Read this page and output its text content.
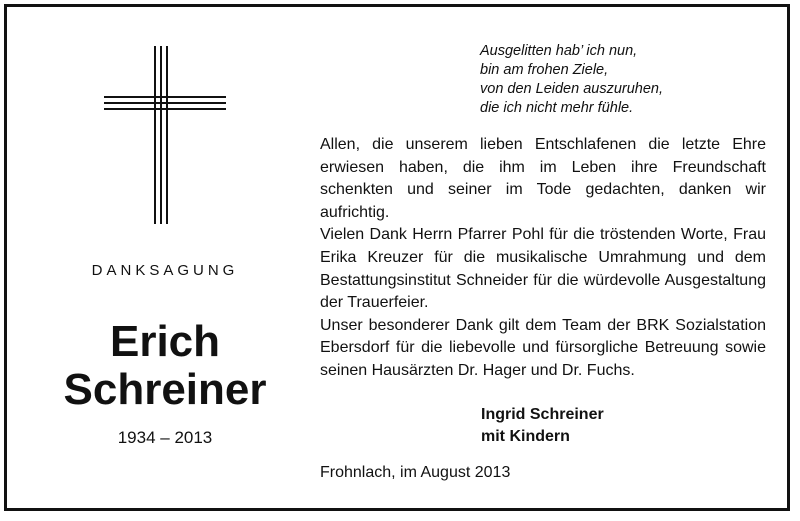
DANKSAGUNG
Erich
Schreiner
1934 – 2013
Ausgelitten hab’ ich nun,
bin am frohen Ziele,
von den Leiden auszuruhen,
die ich nicht mehr fühle.

Allen, die unserem lieben Entschlafenen die letzte Ehre erwiesen haben, die ihm im Leben ihre Freundschaft schenkten und seiner im Tode gedachten, danken wir aufrichtig.

Vielen Dank Herrn Pfarrer Pohl für die tröstenden Worte, Frau Erika Kreuzer für die musikalische Umrahmung und dem Bestattungsinstitut Schneider für die würdevolle Ausgestaltung der Trauerfeier.

Unser besonderer Dank gilt dem Team der BRK Sozialstation Ebersdorf für die liebevolle und fürsorgliche Betreuung sowie seinen Hausärzten Dr. Hager und Dr. Fuchs.

Ingrid Schreiner
mit Kindern
Frohnlach, im August 2013
